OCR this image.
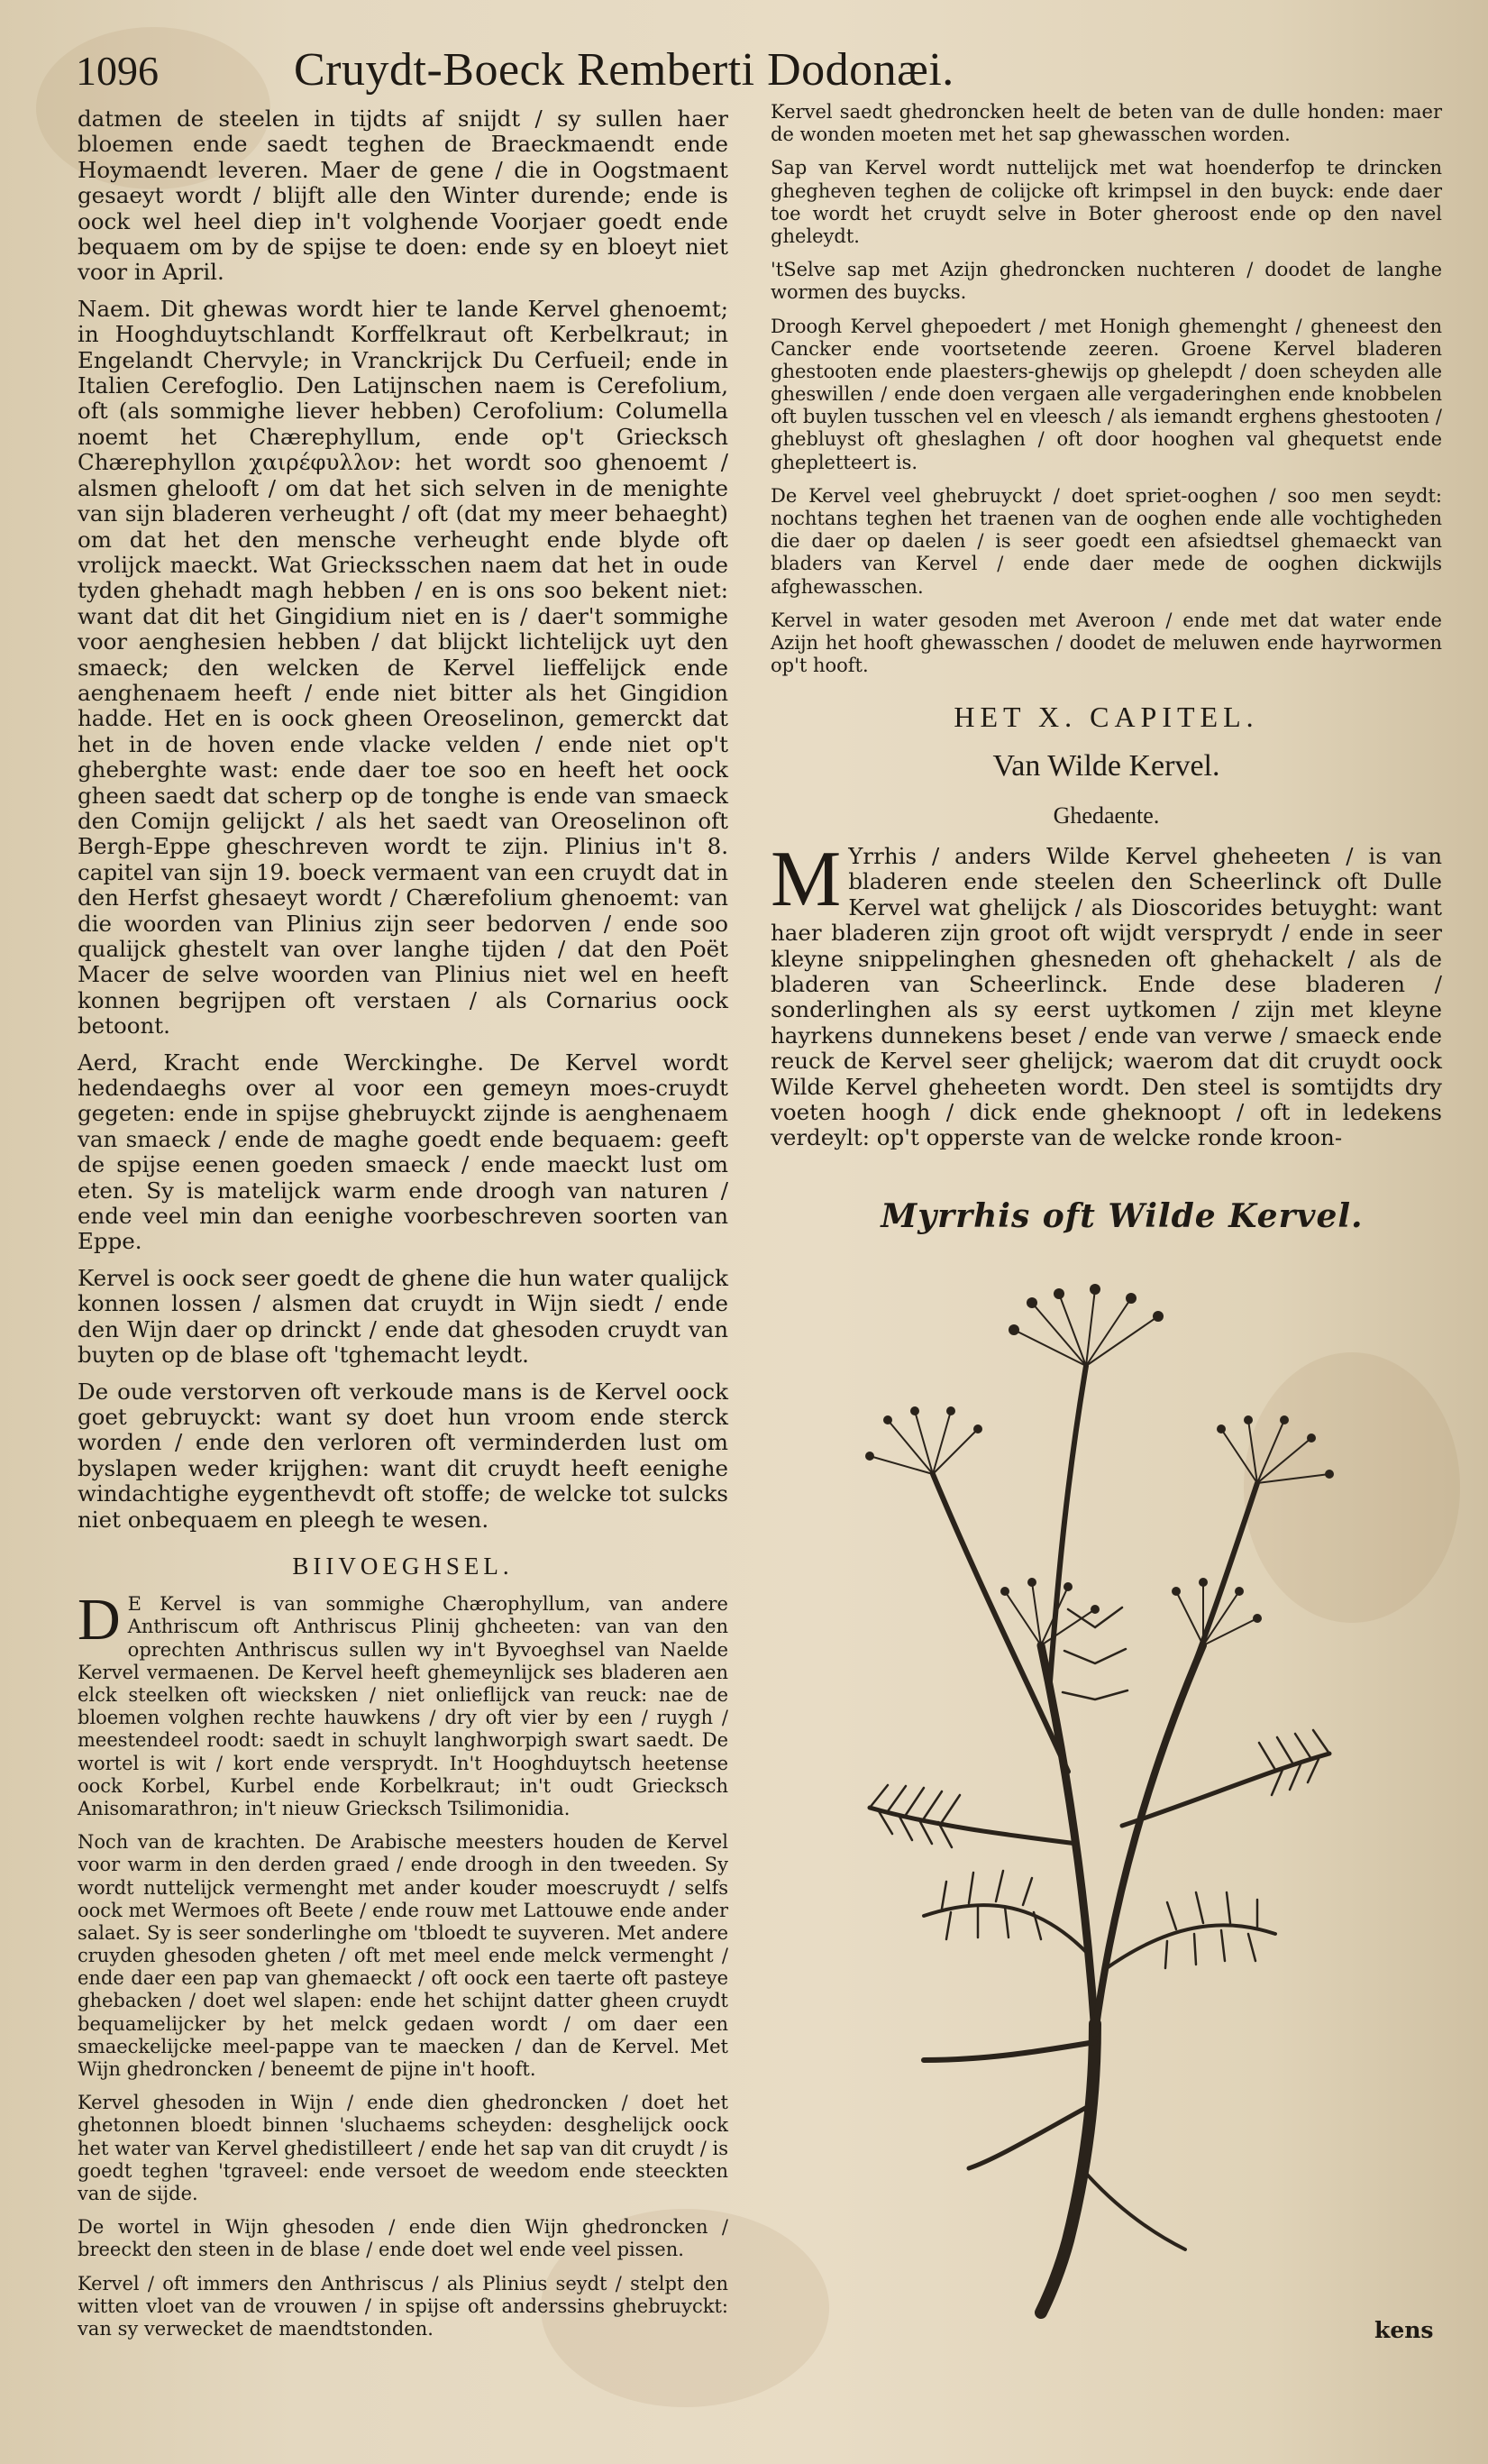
1096	Cruydt-Boeck Remberti Dodonæi.

datmen de steelen in tijdts af snijdt / sy sullen haer bloemen ende saedt teghen de Braeckmaendt ende Hoymaendt leveren. Maer de gene / die in Oogstmaent gesaeyt wordt / blijft alle den Winter durende; ende is oock wel heel diep in't volghende Voorjaer goedt ende bequaem om by de spijse te doen: ende sy en bloeyt niet voor in April.

Naem. Dit ghewas wordt hier te lande Kervel ghenoemt; in Hooghduytschlandt Korffelkraut oft Kerbelkraut; in Engelandt Chervyle; in Vranckrijck Du Cerfueil; ende in Italien Cerefoglio. Den Latijnschen naem is Cerefolium, oft (als sommighe liever hebben) Cerofolium: Columella noemt het Chærephyllum, ende op't Griecksch Chærephyllon χαιρέφυλλον: het wordt soo ghenoemt / alsmen ghelooft / om dat het sich selven in de menighte van sijn bladeren verheught / oft (dat my meer behaeght) om dat het den mensche verheught ende blyde oft vrolijck maeckt. Wat Griecksschen naem dat het in oude tyden ghehadt magh hebben / en is ons soo bekent niet: want dat dit het Gingidium niet en is / daer't sommighe voor aenghesien hebben / dat blijckt lichtelijck uyt den smaeck; den welcken de Kervel lieffelijck ende aenghenaem heeft / ende niet bitter als het Gingidion hadde. Het en is oock gheen Oreoselinon, gemerckt dat het in de hoven ende vlacke velden / ende niet op't gheberghte wast: ende daer toe soo en heeft het oock gheen saedt dat scherp op de tonghe is ende van smaeck den Comijn gelijckt / als het saedt van Oreoselinon oft Bergh-Eppe gheschreven wordt te zijn. Plinius in't 8. capitel van sijn 19. boeck vermaent van een cruydt dat in den Herfst ghesaeyt wordt / Chærefolium ghenoemt: van die woorden van Plinius zijn seer bedorven / ende soo qualijck ghestelt van over langhe tijden / dat den Poët Macer de selve woorden van Plinius niet wel en heeft konnen begrijpen oft verstaen / als Cornarius oock betoont.

Aerd, Kracht ende Werckinghe. De Kervel wordt hedendaeghs over al voor een gemeyn moes-cruydt gegeten: ende in spijse ghebruyckt zijnde is aenghenaem van smaeck / ende de maghe goedt ende bequaem: geeft de spijse eenen goeden smaeck / ende maeckt lust om eten. Sy is matelijck warm ende droogh van naturen / ende veel min dan eenighe voorbeschreven soorten van Eppe.

Kervel is oock seer goedt de ghene die hun water qualijck konnen lossen / alsmen dat cruydt in Wijn siedt / ende den Wijn daer op drinckt / ende dat ghesoden cruydt van buyten op de blase oft 'tghemacht leydt.

De oude verstorven oft verkoude mans is de Kervel oock goet gebruyckt: want sy doet hun vroom ende sterck worden / ende den verloren oft verminderden lust om byslapen weder krijghen: want dit cruydt heeft eenighe windachtighe eygenthevdt oft stoffe; de welcke tot sulcks niet onbequaem en pleegh te wesen.

BIIVOEGHSEL.

D E Kervel is van sommighe Chærophyllum, van andere Anthriscum oft Anthriscus Plinij ghcheeten: van van den oprechten Anthriscus sullen wy in't Byvoeghsel van Naelde Kervel vermaenen. De Kervel heeft ghemeynlijck ses bladeren aen elck steelken oft wiecksken / niet onlieflijck van reuck: nae de bloemen volghen rechte hauwkens / dry oft vier by een / ruygh / meestendeel roodt: saedt in schuylt langhworpigh swart saedt. De wortel is wit / kort ende versprydt. In't Hooghduytsch heetense oock Korbel, Kurbel ende Korbelkraut; in't oudt Griecksch Anisomarathron; in't nieuw Griecksch Tsilimonidia.

Noch van de krachten. De Arabische meesters houden de Kervel voor warm in den derden graed / ende droogh in den tweeden. Sy wordt nuttelijck vermenght met ander kouder moescruydt / selfs oock met Wermoes oft Beete / ende rouw met Lattouwe ende ander salaet. Sy is seer sonderlinghe om 'tbloedt te suyveren. Met andere cruyden ghesoden gheten / oft met meel ende melck vermenght / ende daer een pap van ghemaeckt / oft oock een taerte oft pasteye ghebacken / doet wel slapen: ende het schijnt datter gheen cruydt bequamelijcker by het melck gedaen wordt / om daer een smaeckelijcke meel-pappe van te maecken / dan de Kervel. Met Wijn ghedroncken / beneemt de pijne in't hooft.

Kervel ghesoden in Wijn / ende dien ghedroncken / doet het ghetonnen bloedt binnen 'sluchaems scheyden: desghelijck oock het water van Kervel ghedistilleert / ende het sap van dit cruydt / is goedt teghen 'tgraveel: ende versoet de weedom ende steeckten van de sijde.

De wortel in Wijn ghesoden / ende dien Wijn ghedroncken / breeckt den steen in de blase / ende doet wel ende veel pissen.

Kervel / oft immers den Anthriscus / als Plinius seydt / stelpt den witten vloet van de vrouwen / in spijse oft anderssins ghebruyckt: van sy verwecket de maendtstonden.

Kervel saedt ghedroncken heelt de beten van de dulle honden: maer de wonden moeten met het sap ghewasschen worden.

Sap van Kervel wordt nuttelijck met wat hoenderfop te drincken ghegheven teghen de colijcke oft krimpsel in den buyck: ende daer toe wordt het cruydt selve in Boter gheroost ende op den navel gheleydt.

'tSelve sap met Azijn ghedroncken nuchteren / doodet de langhe wormen des buycks.

Droogh Kervel ghepoedert / met Honigh ghemenght / gheneest den Cancker ende voortsetende zeeren. Groene Kervel bladeren ghestooten ende plaesters-ghewijs op ghelepdt / doen scheyden alle gheswillen / ende doen vergaen alle vergaderinghen ende knobbelen oft buylen tusschen vel en vleesch / als iemandt erghens ghestooten / ghebluyst oft gheslaghen / oft door hooghen val ghequetst ende ghepletteert is.

De Kervel veel ghebruyckt / doet spriet-ooghen / soo men seydt: nochtans teghen het traenen van de ooghen ende alle vochtigheden die daer op daelen / is seer goedt een afsiedtsel ghemaeckt van bladers van Kervel / ende daer mede de ooghen dickwijls afghewasschen.

Kervel in water gesoden met Averoon / ende met dat water ende Azijn het hooft ghewasschen / doodet de meluwen ende hayrwormen op't hooft.

HET X. CAPITEL.
Van Wilde Kervel.
Ghedaente.

M Yrrhis / anders Wilde Kervel gheheeten / is van bladeren ende steelen den Scheerlinck oft Dulle Kervel wat ghelijck / als Dioscorides betuyght: want haer bladeren zijn groot oft wijdt versprydt / ende in seer kleyne snippelinghen ghesneden oft ghehackelt / als de bladeren van Scheerlinck. Ende dese bladeren / sonderlinghen als sy eerst uytkomen / zijn met kleyne hayrkens dunnekens beset / ende van verwe / smaeck ende reuck de Kervel seer ghelijck; waerom dat dit cruydt oock Wilde Kervel gheheeten wordt. Den steel is somtijdts dry voeten hoogh / dick ende gheknoopt / oft in ledekens verdeylt: op't opperste van de welcke ronde kroon-

Myrrhis oft Wilde Kervel.
kens
